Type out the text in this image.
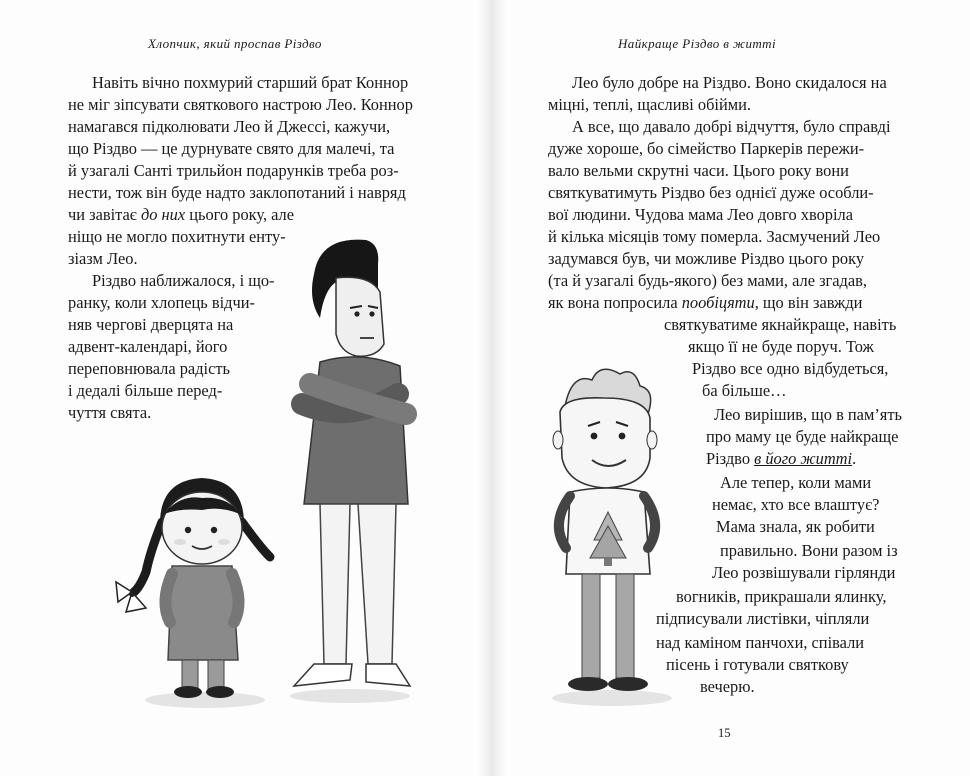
Хлопчик, який проспав Різдво
Навіть вічно похмурий старший брат Коннор
не міг зіпсувати святкового настрою Лео. Коннор
намагався підколювати Лео й Джессі, кажучи,
що Різдво — це дурнувате свято для малечі, та
й узагалі Санті трильйон подарунків треба роз-
нести, тож він буде надто заклопотаний і навряд
чи завітає до них цього року, але
ніщо не могло похитнути енту-
зіазм Лео.
Різдво наближалося, і що-
ранку, коли хлопець відчи-
няв чергові дверцята на
адвент-календарі, його
переповнювала радість
і дедалі більше перед-
чуття свята.
Найкраще Різдво в житті
Лео було добре на Різдво. Воно скидалося на
міцні, теплі, щасливі обійми.
А все, що давало добрі відчуття, було справді
дуже хороше, бо сімейство Паркерів пережи-
вало вельми скрутні часи. Цього року вони
святкуватимуть Різдво без однієї дуже особли-
вої людини. Чудова мама Лео довго хворіла
й кілька місяців тому померла. Засмучений Лео
задумався був, чи можливе Різдво цього року
(та й узагалі будь-якого) без мами, але згадав,
як вона попросила пообіцяти, що він завжди
святкуватиме якнайкраще, навіть
якщо її не буде поруч. Тож
Різдво все одно відбудеться,
ба більше…
Лео вирішив, що в пам’ять
про маму це буде найкраще
Різдво в його житті.
Але тепер, коли мами
немає, хто все влаштує?
Мама знала, як робити
правильно. Вони разом із
Лео розвішували гірлянди
вогників, прикрашали ялинку,
підписували листівки, чіпляли
над каміном панчохи, співали
пісень і готували святкову
вечерю.
15
